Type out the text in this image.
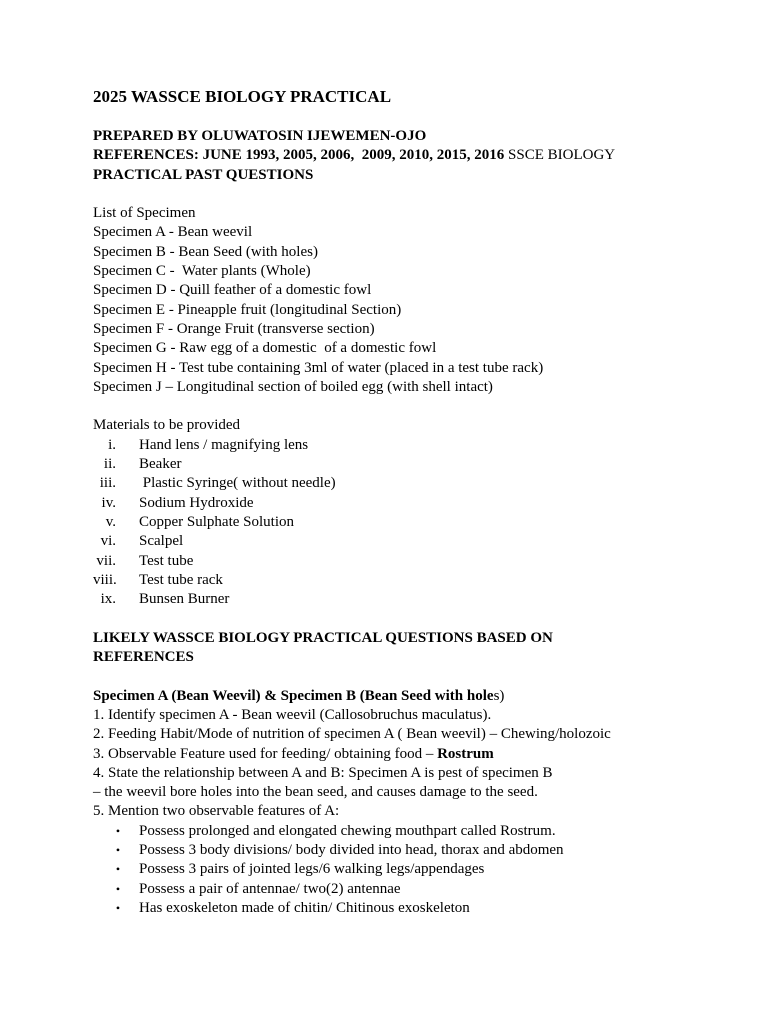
2025 WASSCE BIOLOGY PRACTICAL

PREPARED BY OLUWATOSIN IJEWEMEN-OJO

REFERENCES: JUNE 1993, 2005, 2006,  2009, 2010, 2015, 2016 SSCE BIOLOGY

PRACTICAL PAST QUESTIONS

List of Specimen

Specimen A - Bean weevil

Specimen B - Bean Seed (with holes)

Specimen C -  Water plants (Whole)

Specimen D - Quill feather of a domestic fowl

Specimen E - Pineapple fruit (longitudinal Section)

Specimen F - Orange Fruit (transverse section)

Specimen G - Raw egg of a domestic  of a domestic fowl

Specimen H - Test tube containing 3ml of water (placed in a test tube rack)

Specimen J – Longitudinal section of boiled egg (with shell intact)

Materials to be provided

i. Hand lens / magnifying lens
ii. Beaker
iii. Plastic Syringe( without needle)
iv. Sodium Hydroxide
v. Copper Sulphate Solution
vi. Scalpel
vii. Test tube
viii. Test tube rack
ix. Bunsen Burner

LIKELY WASSCE BIOLOGY PRACTICAL QUESTIONS BASED ON

REFERENCES

Specimen A (Bean Weevil) & Specimen B (Bean Seed with holes)

1. Identify specimen A - Bean weevil (Callosobruchus maculatus).

2. Feeding Habit/Mode of nutrition of specimen A ( Bean weevil) – Chewing/holozoic

3. Observable Feature used for feeding/ obtaining food – Rostrum

4. State the relationship between A and B: Specimen A is pest of specimen B

– the weevil bore holes into the bean seed, and causes damage to the seed.

5. Mention two observable features of A:

• Possess prolonged and elongated chewing mouthpart called Rostrum.
• Possess 3 body divisions/ body divided into head, thorax and abdomen
• Possess 3 pairs of jointed legs/6 walking legs/appendages
• Possess a pair of antennae/ two(2) antennae
• Has exoskeleton made of chitin/ Chitinous exoskeleton
